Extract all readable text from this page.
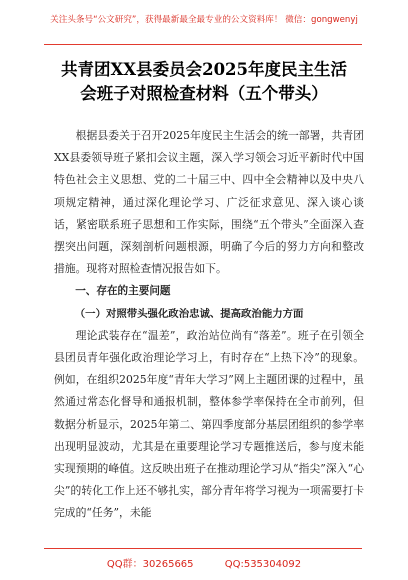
关注头条号“公文研究”，获得最新最全最专业的公文资料库！ 微信：gongwenyj
共青团XX县委员会2025年度民主生活
会班子对照检查材料（五个带头）

根据县委关于召开2025年度民主生活会的统一部署，共青团XX县委领导班子紧扣会议主题，深入学习领会习近平新时代中国特色社会主义思想、党的二十届三中、四中全会精神以及中央八项规定精神，通过深化理论学习、广泛征求意见、深入谈心谈话，紧密联系班子思想和工作实际，围绕“五个带头”全面深入查摆突出问题，深刻剖析问题根源，明确了今后的努力方向和整改措施。现将对照检查情况报告如下。

一、存在的主要问题

（一）对照带头强化政治忠诚、提高政治能力方面

理论武装存在“温差”，政治站位尚有“落差”。班子在引领全县团员青年强化政治理论学习上，有时存在“上热下冷”的现象。例如，在组织2025年度“青年大学习”网上主题团课的过程中，虽然通过常态化督导和通报机制，整体参学率保持在全市前列，但数据分析显示，2025年第二、第四季度部分基层团组织的参学率出现明显波动，尤其是在重要理论学习专题推送后，参与度未能实现预期的峰值。这反映出班子在推动理论学习从“指尖”深入“心尖”的转化工作上还不够扎实，部分青年将学习视为一项需要打卡完成的“任务”，未能

QQ群：30265665	QQ:535304092
